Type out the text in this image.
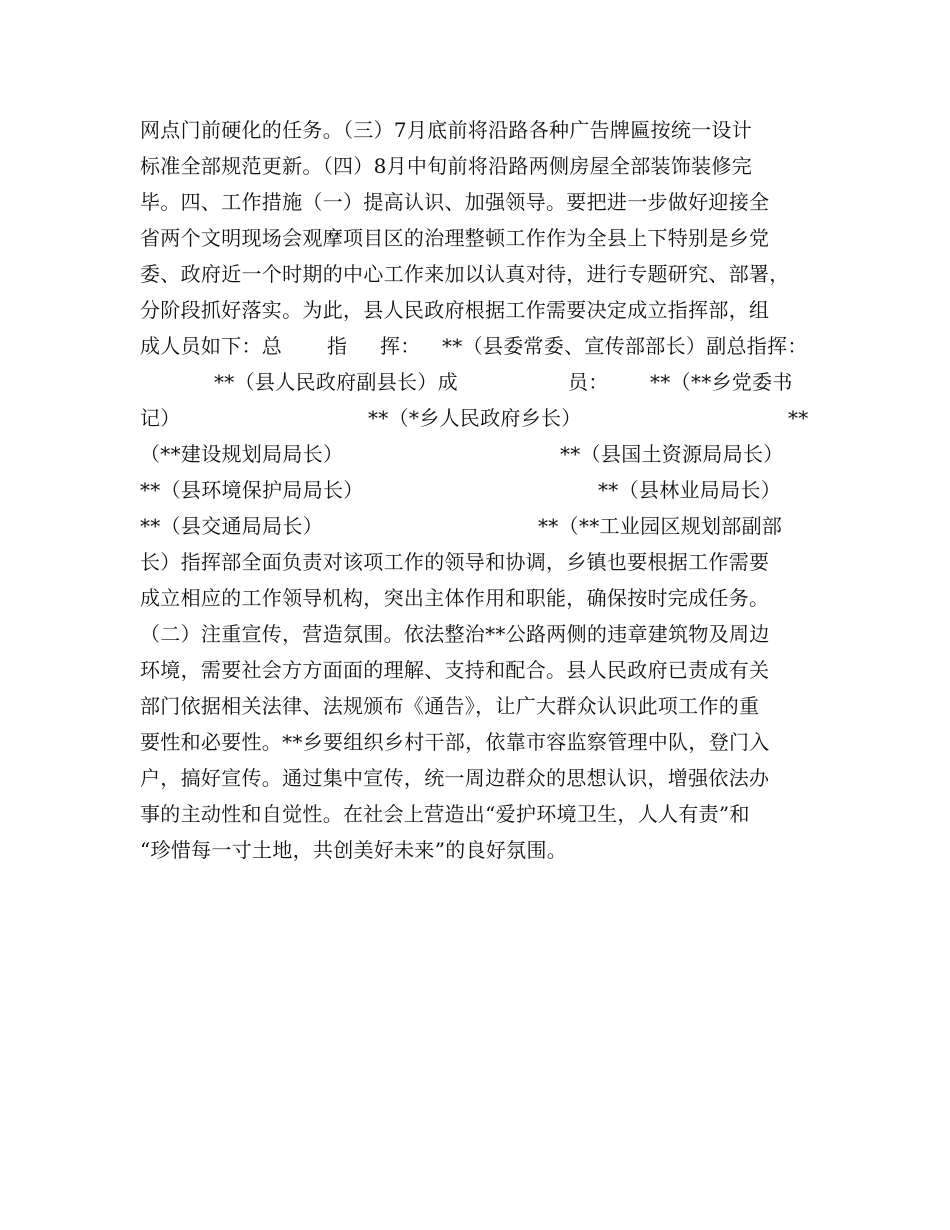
网点门前硬化的任务。（三）7月底前将沿路各种广告牌匾按统一设计
标准全部规范更新。（四）8月中旬前将沿路两侧房屋全部装饰装修完
毕。四、工作措施（一）提高认识、加强领导。要把进一步做好迎接全
省两个文明现场会观摩项目区的治理整顿工作作为全县上下特别是乡党
委、政府近一个时期的中心工作来加以认真对待，进行专题研究、部署，
分阶段抓好落实。为此，县人民政府根据工作需要决定成立指挥部，组

成人员如下：总

指

挥：

**（县委常委、宣传部部长）副总指挥：

**（县人民政府副县长）成

	员：

**（**乡党委书

记）

	**（*乡人民政府乡长）

	**

（**建设规划局局长）

	**（县国土资源局局长）

**（县环境保护局局长）

	**（县林业局局长）

**（县交通局局长）

	**（**工业园区规划部副部

长）指挥部全面负责对该项工作的领导和协调，乡镇也要根据工作需要
成立相应的工作领导机构，突出主体作用和职能，确保按时完成任务。
（二）注重宣传，营造氛围。依法整治**公路两侧的违章建筑物及周边
环境，需要社会方方面面的理解、支持和配合。县人民政府已责成有关
部门依据相关法律、法规颁布《通告》，让广大群众认识此项工作的重
要性和必要性。**乡要组织乡村干部，依靠市容监察管理中队，登门入
户，搞好宣传。通过集中宣传，统一周边群众的思想认识，增强依法办
事的主动性和自觉性。在社会上营造出“爱护环境卫生，人人有责”和
“珍惜每一寸土地，共创美好未来”的良好氛围。
